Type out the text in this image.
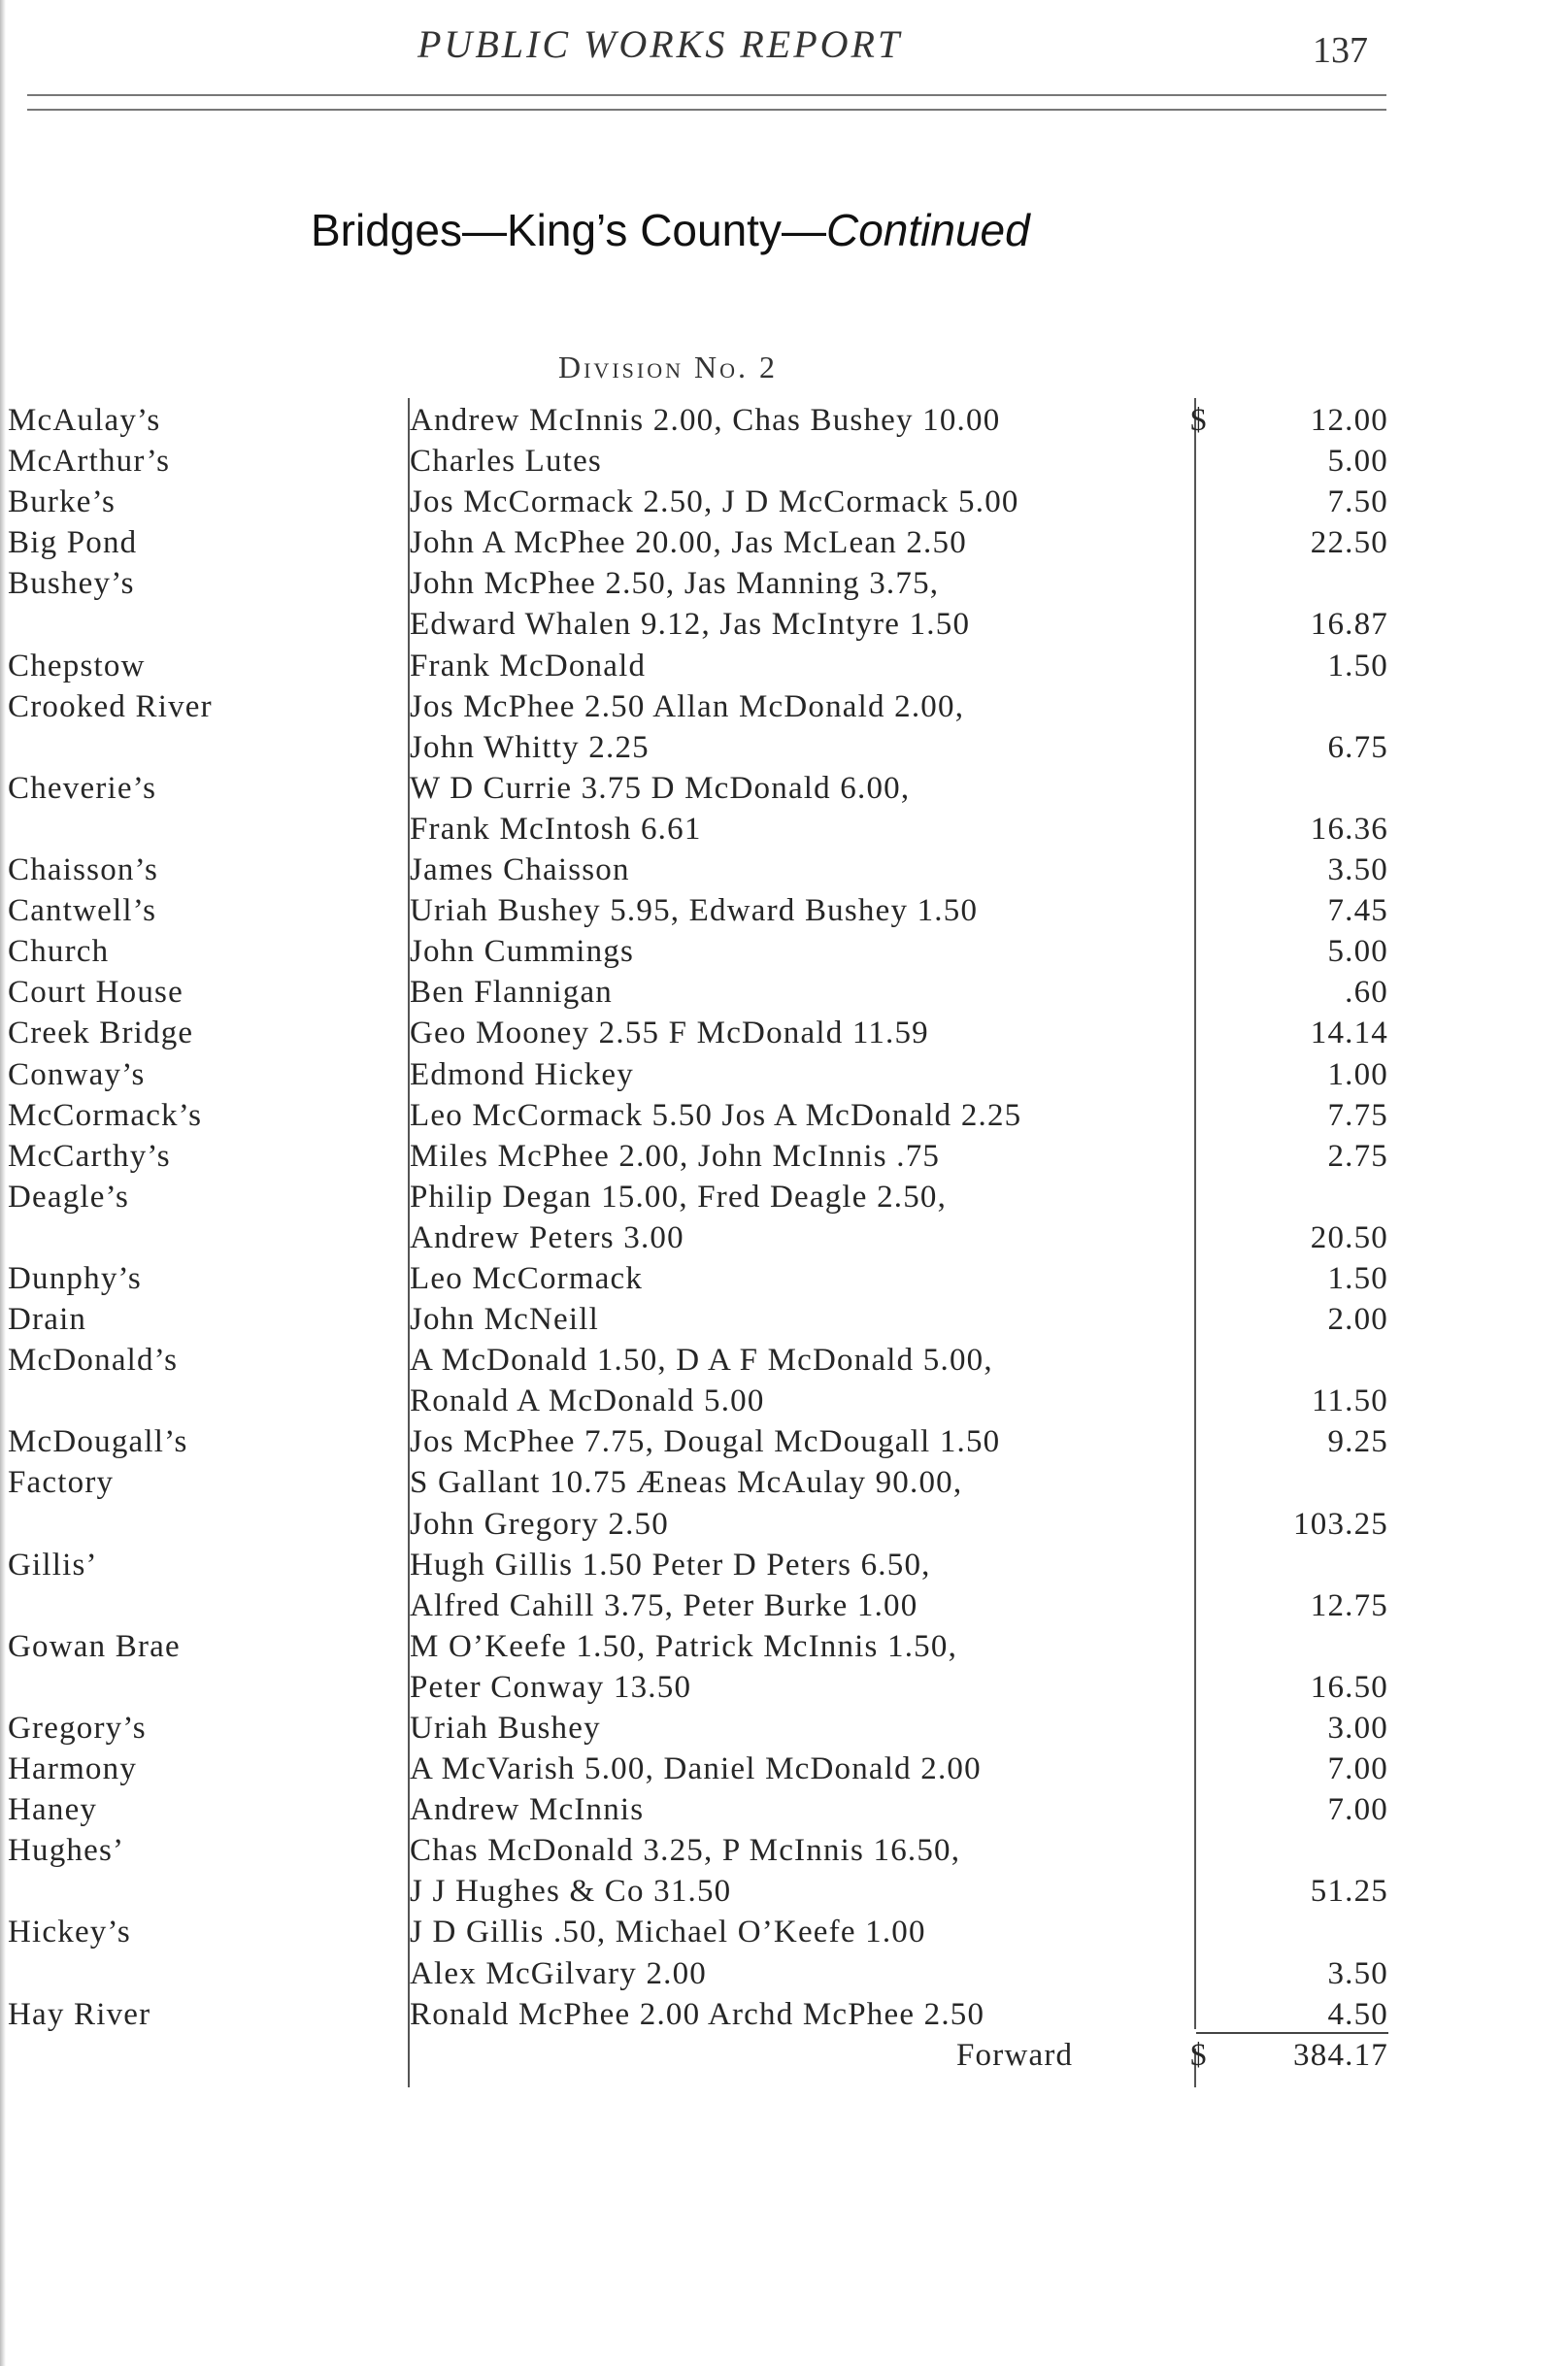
PUBLIC WORKS REPORT	137
Bridges—King’s County—Continued
Division No. 2
McAulay’s	Andrew McInnis 2.00, Chas Bushey 10.00	$	12.00
McArthur’s	Charles Lutes	5.00
Burke’s	Jos McCormack 2.50, J D McCormack 5.00	7.50
Big Pond	John A McPhee 20.00, Jas McLean 2.50	22.50
Bushey’s	John McPhee 2.50, Jas Manning 3.75,
Edward Whalen 9.12, Jas McIntyre 1.50	16.87
Chepstow	Frank McDonald	1.50
Crooked River	Jos McPhee 2.50 Allan McDonald 2.00,
John Whitty 2.25	6.75
Cheverie’s	W D Currie 3.75 D McDonald 6.00,
Frank McIntosh 6.61	16.36
Chaisson’s	James Chaisson	3.50
Cantwell’s	Uriah Bushey 5.95, Edward Bushey 1.50	7.45
Church	John Cummings	5.00
Court House	Ben Flannigan	.60
Creek Bridge	Geo Mooney 2.55 F McDonald 11.59	14.14
Conway’s	Edmond Hickey	1.00
McCormack’s	Leo McCormack 5.50 Jos A McDonald 2.25	7.75
McCarthy’s	Miles McPhee 2.00, John McInnis .75	2.75
Deagle’s	Philip Degan 15.00, Fred Deagle 2.50,
Andrew Peters 3.00	20.50
Dunphy’s	Leo McCormack	1.50
Drain	John McNeill	2.00
McDonald’s	A McDonald 1.50, D A F McDonald 5.00,
Ronald A McDonald 5.00	11.50
McDougall’s	Jos McPhee 7.75, Dougal McDougall 1.50	9.25
Factory	S Gallant 10.75 Æneas McAulay 90.00,
John Gregory 2.50	103.25
Gillis’	Hugh Gillis 1.50 Peter D Peters 6.50,
Alfred Cahill 3.75, Peter Burke 1.00	12.75
Gowan Brae	M O’Keefe 1.50, Patrick McInnis 1.50,
Peter Conway 13.50	16.50
Gregory’s	Uriah Bushey	3.00
Harmony	A McVarish 5.00, Daniel McDonald 2.00	7.00
Haney	Andrew McInnis	7.00
Hughes’	Chas McDonald 3.25, P McInnis 16.50,
J J Hughes & Co 31.50	51.25
Hickey’s	J D Gillis .50, Michael O’Keefe 1.00
Alex McGilvary 2.00	3.50
Hay River	Ronald McPhee 2.00 Archd McPhee 2.50	4.50
Forward	$	384.17
